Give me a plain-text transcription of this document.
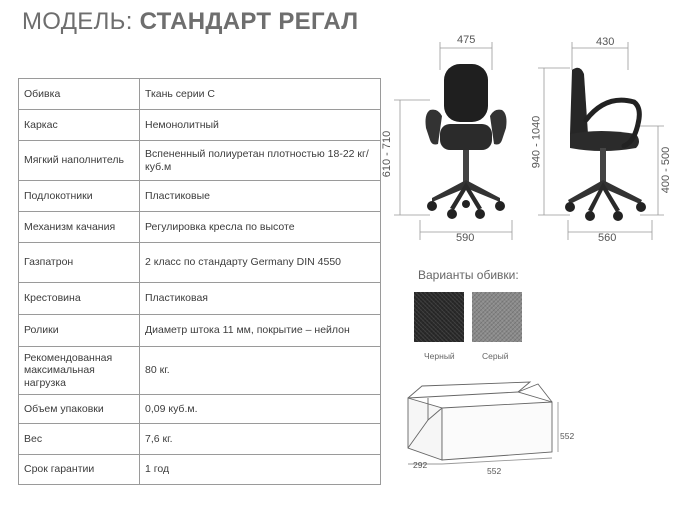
МОДЕЛЬ: СТАНДАРТ РЕГАЛ
Обивка	Ткань серии С
Каркас	Немонолитный
Мягкий наполнитель	Вспененный полиуретан плотностью 18-22 кг/куб.м
Подлокотники	Пластиковые
Механизм качания	Регулировка кресла по высоте
Газпатрон	2 класс по стандарту Germany DIN 4550
Крестовина	Пластиковая
Ролики	Диаметр штока 11 мм, покрытие – нейлон
Рекомендованная максимальная нагрузка	80 кг.
Объем упаковки	0,09 куб.м.
Вес	7,6 кг.
Срок гарантии	1 год
475
590
610 - 710
430
560
940 - 1040
400 - 500
Варианты обивки:
Черный	Серый
552
292
552
